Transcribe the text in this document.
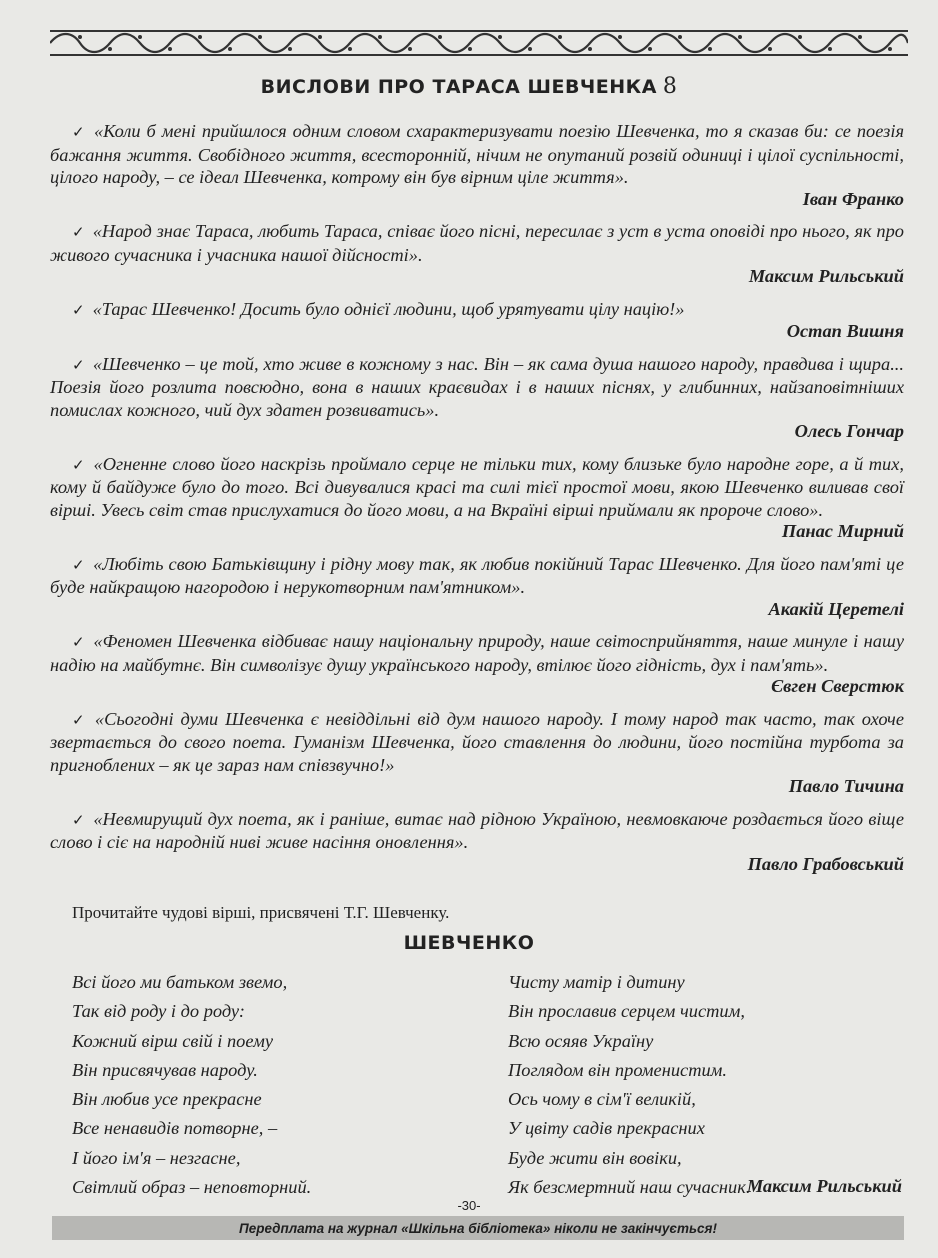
ВИСЛОВИ ПРО ТАРАСА ШЕВЧЕНКА 8
✓ «Коли б мені прийшлося одним словом схарактеризувати поезію Шевченка, то я сказав би: се поезія бажання життя. Свобідного життя, всесторонній, нічим не опутаний розвій одиниці і цілої суспільності, цілого народу, – се ідеал Шевченка, котрому він був вірним ціле життя».
Іван Франко
✓ «Народ знає Тараса, любить Тараса, співає його пісні, пересилає з уст в уста оповіді про нього, як про живого сучасника і учасника нашої дійсності».
Максим Рильський
✓ «Тарас Шевченко! Досить було однієї людини, щоб урятувати цілу націю!»
Остап Вишня
✓ «Шевченко – це той, хто живе в кожному з нас. Він – як сама душа нашого народу, правдива і щира... Поезія його розлита повсюдно, вона в наших краєвидах і в наших піснях, у глибинних, найзаповітніших помислах кожного, чий дух здатен розвиватись».
Олесь Гончар
✓ «Огненне слово його наскрізь проймало серце не тільки тих, кому близьке було народне горе, а й тих, кому й байдуже було до того. Всі дивувалися красі та силі тієї простої мови, якою Шевченко виливав свої вірші. Увесь світ став прислухатися до його мови, а на Вкраїні вірші приймали як пророче слово».
Панас Мирний
✓ «Любіть свою Батьківщину і рідну мову так, як любив покійний Тарас Шевченко. Для його пам'яті це буде найкращою нагородою і нерукотворним пам'ятником».
Акакій Церетелі
✓ «Феномен Шевченка відбиває нашу національну природу, наше світосприйняття, наше минуле і нашу надію на майбутнє. Він символізує душу українського народу, втілює його гідність, дух і пам'ять».
Євген Сверстюк
✓ «Сьогодні думи Шевченка є невіддільні від дум нашого народу. І тому народ так часто, так охоче звертається до свого поета. Гуманізм Шевченка, його ставлення до людини, його постійна турбота за пригноблених – як це зараз нам співзвучно!»
Павло Тичина
✓ «Невмирущий дух поета, як і раніше, витає над рідною Україною, невмовкаюче роздається його віще слово і сіє на народній ниві живе насіння оновлення».
Павло Грабовський
Прочитайте чудові вірші, присвячені Т.Г. Шевченку.
ШЕВЧЕНКО
Всі його ми батьком звемо,
Так від роду і до роду:
Кожний вірш свій і поему
Він присвячував народу.
Він любив усе прекрасне
Все ненавидів потворне, –
І його ім'я – незгасне,
Світлий образ – неповторний.
Чисту матір і дитину
Він прославив серцем чистим,
Всю осяяв Україну
Поглядом він променистим.
Ось чому в сім'ї великій,
У цвіту садів прекрасних
Буде жити він вовіки,
Як безсмертний наш сучасник.
Максим Рильський
-30-
Передплата на журнал «Шкільна бібліотека» ніколи не закінчується!
